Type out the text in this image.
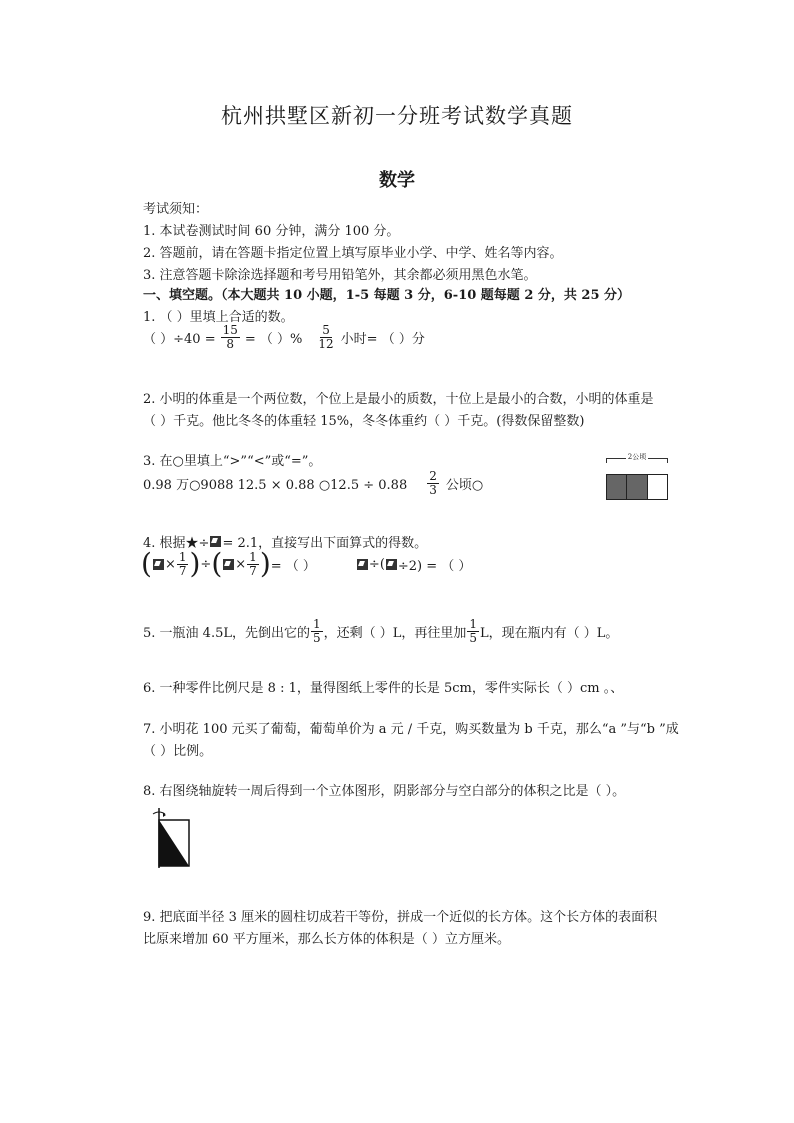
杭州拱墅区新初一分班考试数学真题
数学
考试须知：
1. 本试卷测试时间 60 分钟，满分 100 分。
2. 答题前，请在答题卡指定位置上填写原毕业小学、中学、姓名等内容。
3. 注意答题卡除涂选择题和考号用铅笔外，其余都必须用黑色水笔。
一、填空题。（本大题共 10 小题，1-5 每题 3 分，6-10 题每题 2 分，共 25 分）
1. （ ）里填上合适的数。
（ ）$\div 40 = \frac{15}{8}$ = （ ）% $\frac{5}{12}$ 小时= （ ）分
2. 小明的体重是一个两位数，个位上是最小的质数，十位上是最小的合数，小明的体重是
（ ）千克。他比冬冬的体重轻 15%，冬冬体重约（ ）千克。(得数保留整数)
3. 在○里填上“>”“<”或“=”。
0.98 万○9088 12.5 × 0.88 ○12.5 ÷ $0.88 \frac{2}{3}$ 公顷○
2公顷
4. 根据★÷ = 2.1，直接写出下面算式的得数。
( × $\frac{1}{7}$ ) ÷ ( × $\frac{1}{7}$ ) = （ ）	÷( ÷2) = （ ）
5. 一瓶油 4.5L，先倒出它的 $\frac{1}{5}$ ，还剩（ ）L，再往里加 $\frac{1}{5}$ L，现在瓶内有（ ）L。
6. 一种零件比例尺是 8 : 1，量得图纸上零件的长是 5cm，零件实际长（ ）cm 。、
7. 小明花 100 元买了葡萄，葡萄单价为 a 元 / 千克，购买数量为 b 千克，那么“a ”与“b ”成
（ ）比例。
8. 右图绕轴旋转一周后得到一个立体图形，阴影部分与空白部分的体积之比是（ ）。
9. 把底面半径 3 厘米的圆柱切成若干等份，拼成一个近似的长方体。这个长方体的表面积
比原来增加 60 平方厘米，那么长方体的体积是（ ）立方厘米。
